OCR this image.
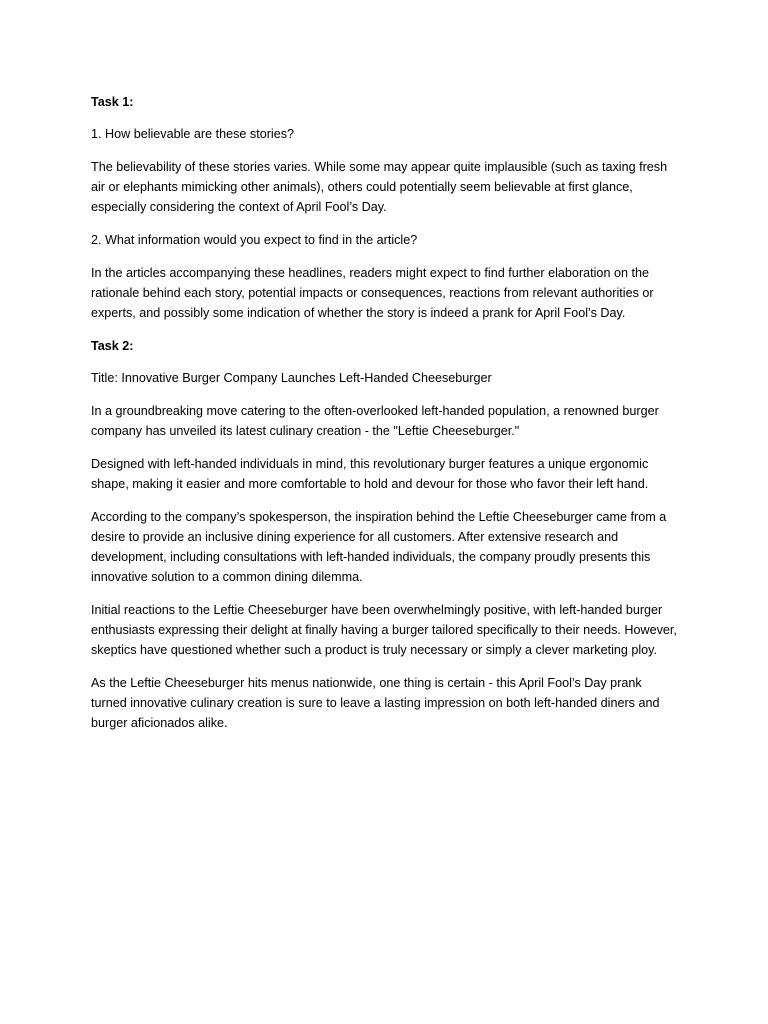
Task 1:

1. How believable are these stories?

The believability of these stories varies. While some may appear quite implausible (such as taxing fresh air or elephants mimicking other animals), others could potentially seem believable at first glance, especially considering the context of April Fool’s Day.

2. What information would you expect to find in the article?

In the articles accompanying these headlines, readers might expect to find further elaboration on the rationale behind each story, potential impacts or consequences, reactions from relevant authorities or experts, and possibly some indication of whether the story is indeed a prank for April Fool’s Day.

Task 2:

Title: Innovative Burger Company Launches Left-Handed Cheeseburger

In a groundbreaking move catering to the often-overlooked left-handed population, a renowned burger company has unveiled its latest culinary creation - the "Leftie Cheeseburger."

Designed with left-handed individuals in mind, this revolutionary burger features a unique ergonomic shape, making it easier and more comfortable to hold and devour for those who favor their left hand.

According to the company’s spokesperson, the inspiration behind the Leftie Cheeseburger came from a desire to provide an inclusive dining experience for all customers. After extensive research and development, including consultations with left-handed individuals, the company proudly presents this innovative solution to a common dining dilemma.

Initial reactions to the Leftie Cheeseburger have been overwhelmingly positive, with left-handed burger enthusiasts expressing their delight at finally having a burger tailored specifically to their needs. However, skeptics have questioned whether such a product is truly necessary or simply a clever marketing ploy.

As the Leftie Cheeseburger hits menus nationwide, one thing is certain - this April Fool’s Day prank turned innovative culinary creation is sure to leave a lasting impression on both left-handed diners and burger aficionados alike.
